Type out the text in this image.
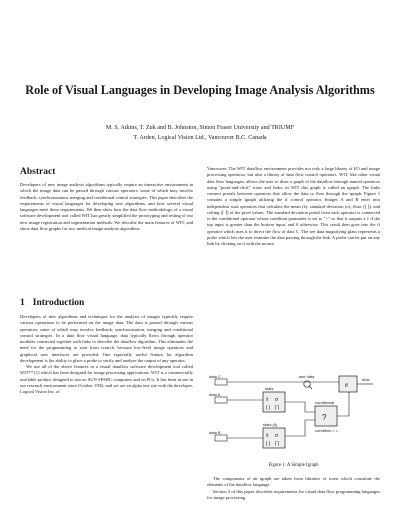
Role of Visual Languages in Developing Image Analysis Algorithms
M. S. Atkins, T. Zuk and B. Johnston, Simon Fraser University and TRIUMF
T. Arden, Logical Vision Ltd., Vancouver B.C. Canada
Abstract

Developers of new image analysis algorithms typically require an interactive environment in which the image data can be passed through various operators, some of which may involve feedback, synchronization, merging and conditional control strategies. This paper describes the requirements of visual languages for developing new algorithms, and how several visual languages meet these requirements. We then show how the data flow methodology of a visual software development tool called WIT has greatly simplified the prototyping and testing of our new image registration and segmentation methods. We describe the main features of WIT, and show data flow graphs for two medical image analysis algorithms.

1 Introduction

Developers of new algorithms and techniques for the analysis of images typically require various operations to be performed on the image data. The data is passed through various operators, some of which may involve feedback, synchronization, merging and conditional control strategies. In a data flow visual language, data typically flows through operator modules connected together with links to describe the dataflow algorithm. This eliminates the need for the programming to start from scratch, because low-level image operators and graphical user interfaces are provided. One especially useful feature for algorithm development is the ability to place a probe to verify and analyze the output of any operator.

We use all of the above features in a visual dataflow software development tool called WIT™ [1] which has been designed for image processing applications. WIT is a commercially available product designed to run on SUN SPARC computers and on PCs. It has been in use in our research environment since October 1992, and we are an alpha test site with the developer, Logical Vision Inc. of

Vancouver. The WIT dataflow environment provides not only a large library of I/O and image processing operators, but also a library of data flow control operators. WIT, like other visual data flow languages, allows the user to draw a graph of the dataflow through named operators using "point-and-click" icons and links; in WIT this graph is called an igraph. The links connect portals between operators that allow the data to flow through the igraph. Figure 1 contains a simple igraph utilizing the if control operator. Images A and B enter into independent stats operators that calculate the mean (x̄), standard deviation (σ), floor (⌊ ⌋), and ceiling (⌈ ⌉) of the pixel values. The standard deviation portal from each operator is connected to the conditional operator whose condition parameter is set to ">" so that it outputs a 1 if the top input is greater than the bottom input, and 0 otherwise. This result then goes into the if operator which uses it to direct the flow of data C. The see data magnifying glass represents a probe which lets the user examine the data passing through the link. A probe can be put on any link by clicking on it with the mouse.

x̄ σ
⌊⌋ ⌈⌉
x̄ σ
⌊⌋ ⌈⌉
?
if
data C
data A
data B
stats
stats (ii)
see data
conditional
condition = >
dest
Figure 1: A Simple Igraph

The components of an igraph are taken from libraries of icons which constitute the elements of the dataflow language.

Section 2 of this paper describes requirements for visual data flow programming languages for image processing.
